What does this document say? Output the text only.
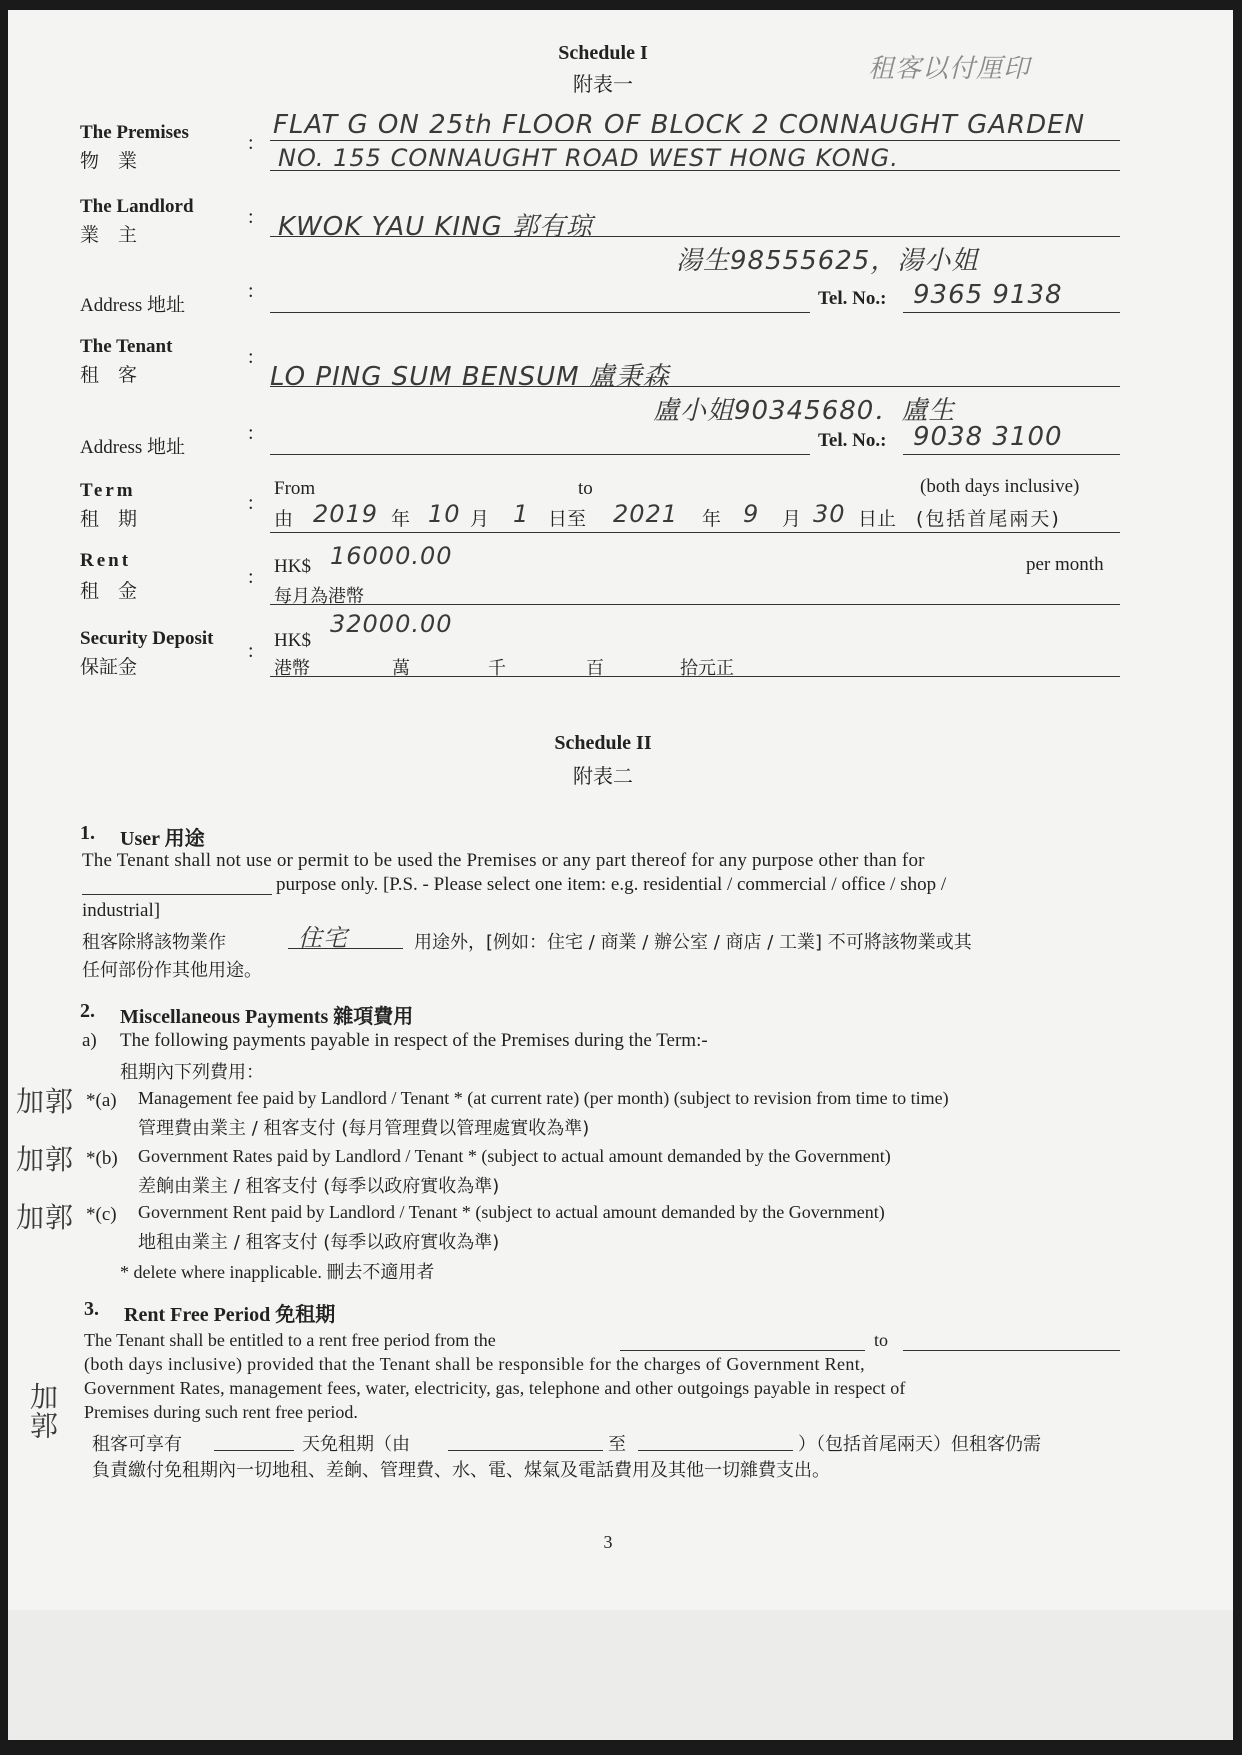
Schedule I
附表一	租客以付厘印
The Premises
物　業
:
FLAT G ON 25th FLOOR OF BLOCK 2 CONNAUGHT GARDEN
NO. 155 CONNAUGHT ROAD WEST HONG KONG.
The Landlord
業　主
: KWOK YAU KING 郭有琼
湯生98555625，湯小姐
Address 地址
:	Tel. No.: 9365 9138
The Tenant
租　客
:
LO PING SUM BENSUM 盧秉森
盧小姐90345680．盧生
Address 地址
:	Tel. No.: 9038 3100
Term
租　期
:
From	to	(both days inclusive)
由 2019 年 10 月 1 日至 2021 年 9 月 30 日止 (包括首尾兩天)
Rent
租　金
: HK$ 16000.00	per month
每月為港幣
Security Deposit
保証金
: HK$
32000.00
港幣	萬	千	百	拾元正
Schedule II
附表二
1. User 用途
The Tenant shall not use or permit to be used the Premises or any part thereof for any purpose other than for
purpose only. [P.S. - Please select one item: e.g. residential / commercial / office / shop /
industrial]
租客除將該物業作	住宅	用途外，[例如：住宅 / 商業 / 辦公室 / 商店 / 工業] 不可將該物業或其
任何部份作其他用途。
2. Miscellaneous Payments 雜項費用
a) The following payments payable in respect of the Premises during the Term:-
租期內下列費用：
加郭 *(a) Management fee paid by Landlord / Tenant * (at current rate) (per month) (subject to revision from time to time)
管理費由業主 / 租客支付 (每月管理費以管理處實收為準)
加郭 *(b) Government Rates paid by Landlord / Tenant * (subject to actual amount demanded by the Government)
差餉由業主 / 租客支付 (每季以政府實收為準)
加郭 *(c) Government Rent paid by Landlord / Tenant * (subject to actual amount demanded by the Government)
地租由業主 / 租客支付 (每季以政府實收為準)
* delete where inapplicable. 刪去不適用者
3. Rent Free Period 免租期
The Tenant shall be entitled to a rent free period from the	to
(both days inclusive) provided that the Tenant shall be responsible for the charges of Government Rent,
Government Rates, management fees, water, electricity, gas, telephone and other outgoings payable in respect of
Premises during such rent free period.
加郭
租客可享有	天免租期（由	至	）（包括首尾兩天）但租客仍需
負責繳付免租期內一切地租、差餉、管理費、水、電、煤氣及電話費用及其他一切雜費支出。
3
